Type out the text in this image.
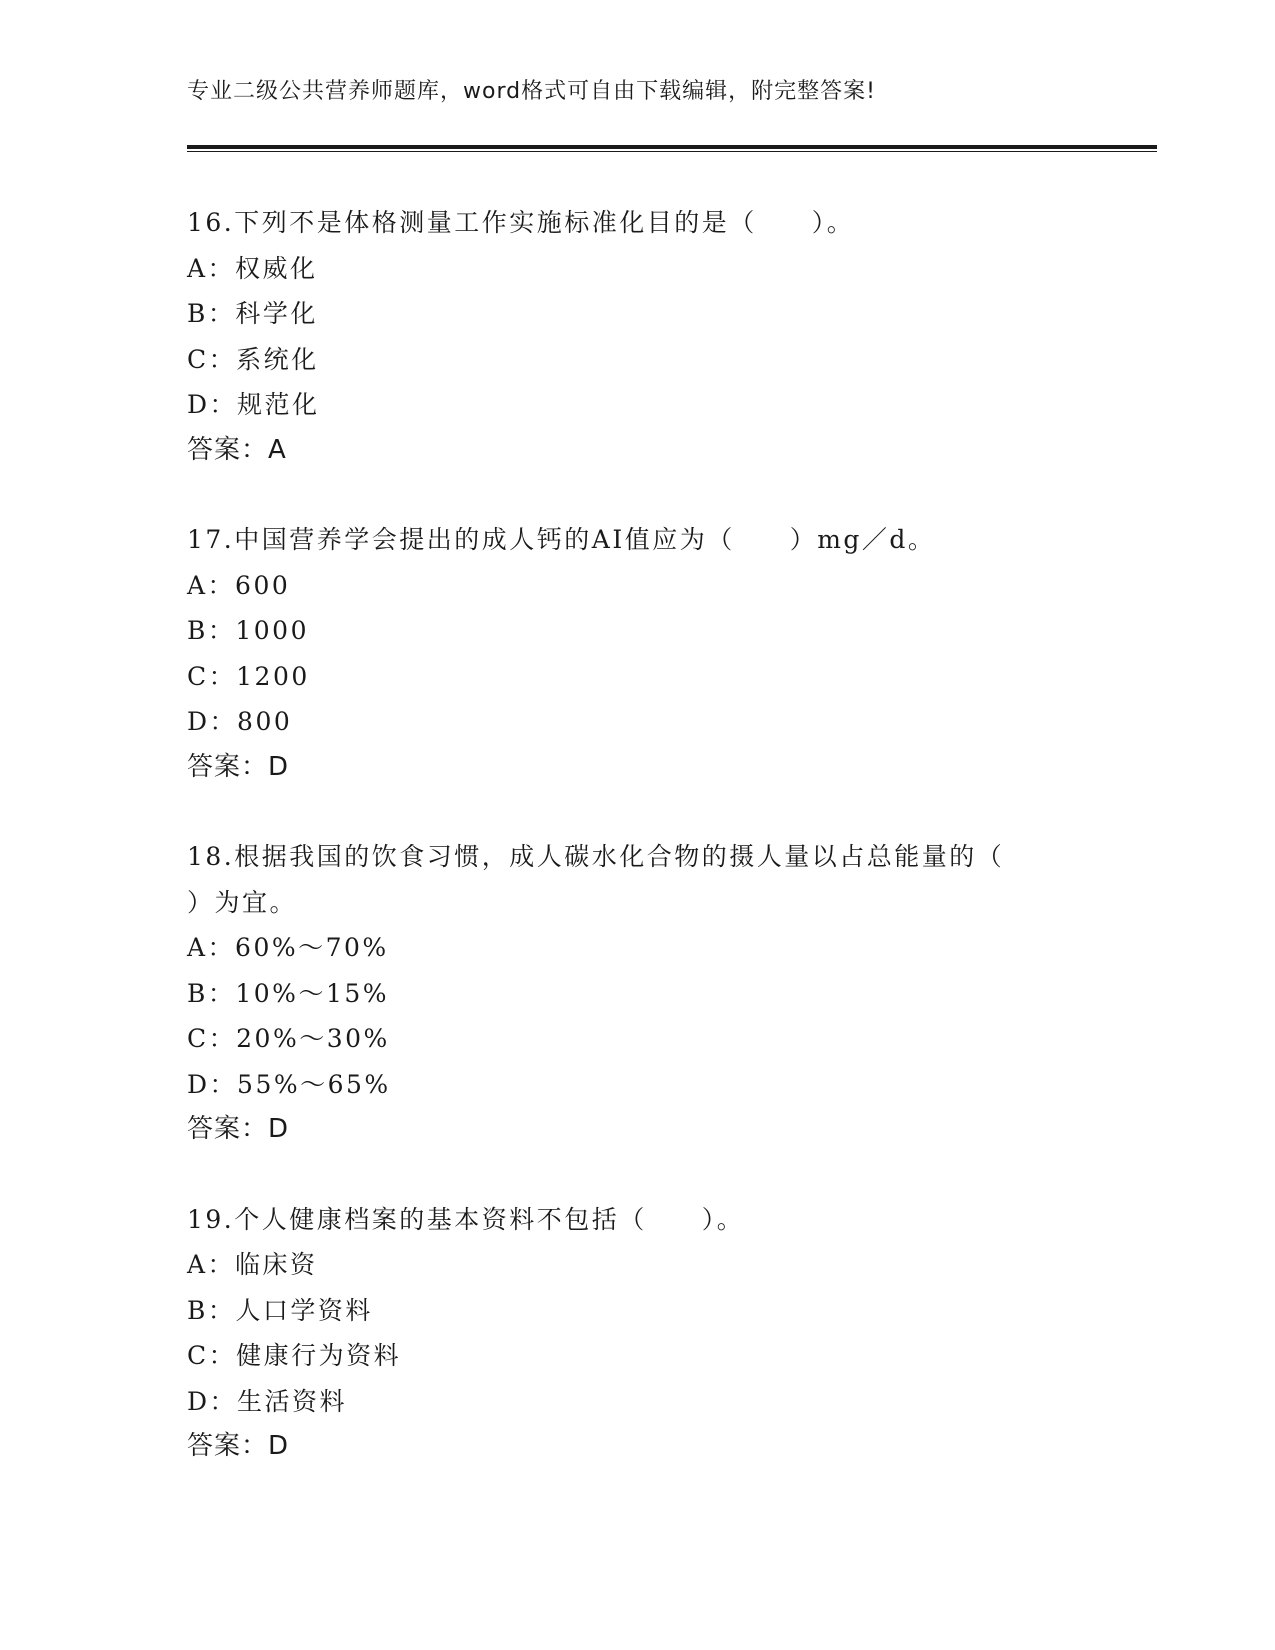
专业二级公共营养师题库，word格式可自由下载编辑，附完整答案!
16.下列不是体格测量工作实施标准化目的是（　　）。
A：权威化
B：科学化
C：系统化
D：规范化
答案：A
17.中国营养学会提出的成人钙的AI值应为（　　）mg／d。
A：600
B：1000
C：1200
D：800
答案：D
18.根据我国的饮食习惯，成人碳水化合物的摄人量以占总能量的（
）为宜。
A：60%～70%
B：10%～15%
C：20%～30%
D：55%～65%
答案：D
19.个人健康档案的基本资料不包括（　　）。
A：临床资
B：人口学资料
C：健康行为资料
D：生活资料
答案：D
